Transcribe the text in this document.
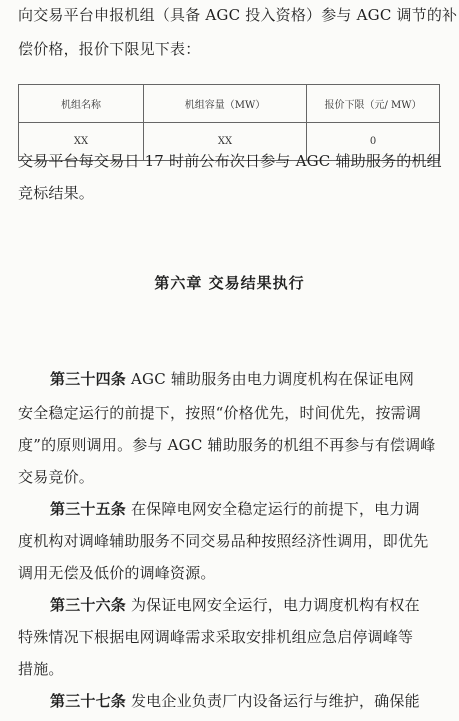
向交易平台申报机组（具备 AGC 投入资格）参与 AGC 调节的补
偿价格，报价下限见下表：
机组名称	机组容量（MW）	报价下限（元/ MW）
XX	XX	0
交易平台每交易日 17 时前公布次日参与 AGC 辅助服务的机组
竞标结果。
第六章 交易结果执行
第三十四条 AGC 辅助服务由电力调度机构在保证电网
安全稳定运行的前提下，按照“价格优先，时间优先，按需调
度”的原则调用。参与 AGC 辅助服务的机组不再参与有偿调峰
交易竞价。
第三十五条 在保障电网安全稳定运行的前提下，电力调
度机构对调峰辅助服务不同交易品种按照经济性调用，即优先
调用无偿及低价的调峰资源。
第三十六条 为保证电网安全运行，电力调度机构有权在
特殊情况下根据电网调峰需求采取安排机组应急启停调峰等
措施。
第三十七条 发电企业负责厂内设备运行与维护，确保能
